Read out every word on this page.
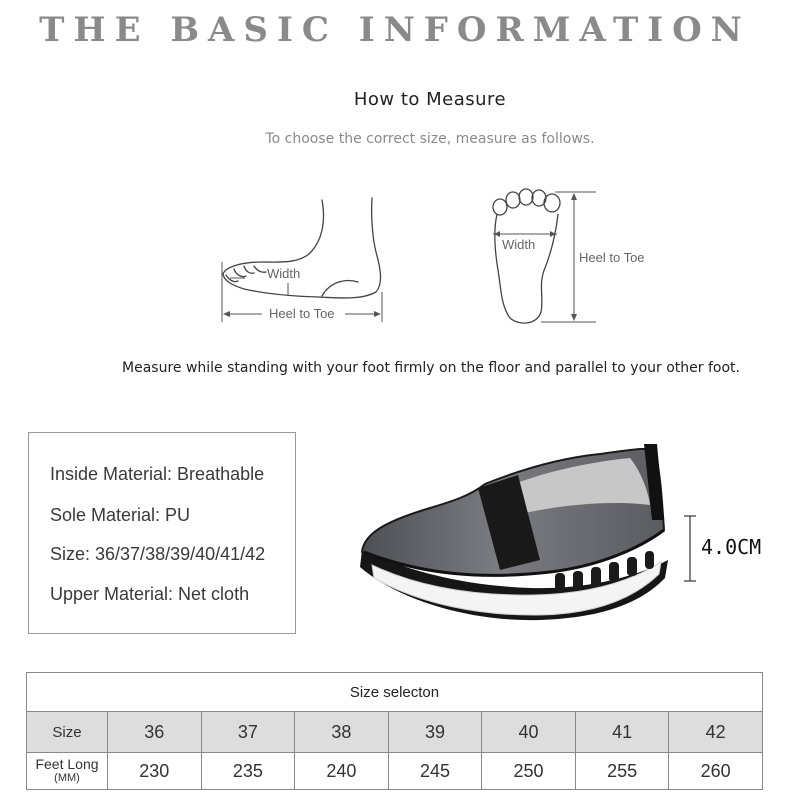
THE BASIC INFORMATION
How to Measure
To choose the correct size, measure as follows.
Width
Heel to Toe
Width
Heel to Toe
Measure while standing with your foot firmly on the floor and parallel to your other foot.
Inside Material: Breathable
Sole Material: PU
Size: 36/37/38/39/40/41/42
Upper Material: Net cloth
4.0CM
Size selecton							
Size	36	37	38	39	40	41	42

Feet Long
(MM)	230	235	240	245	250	255	260
